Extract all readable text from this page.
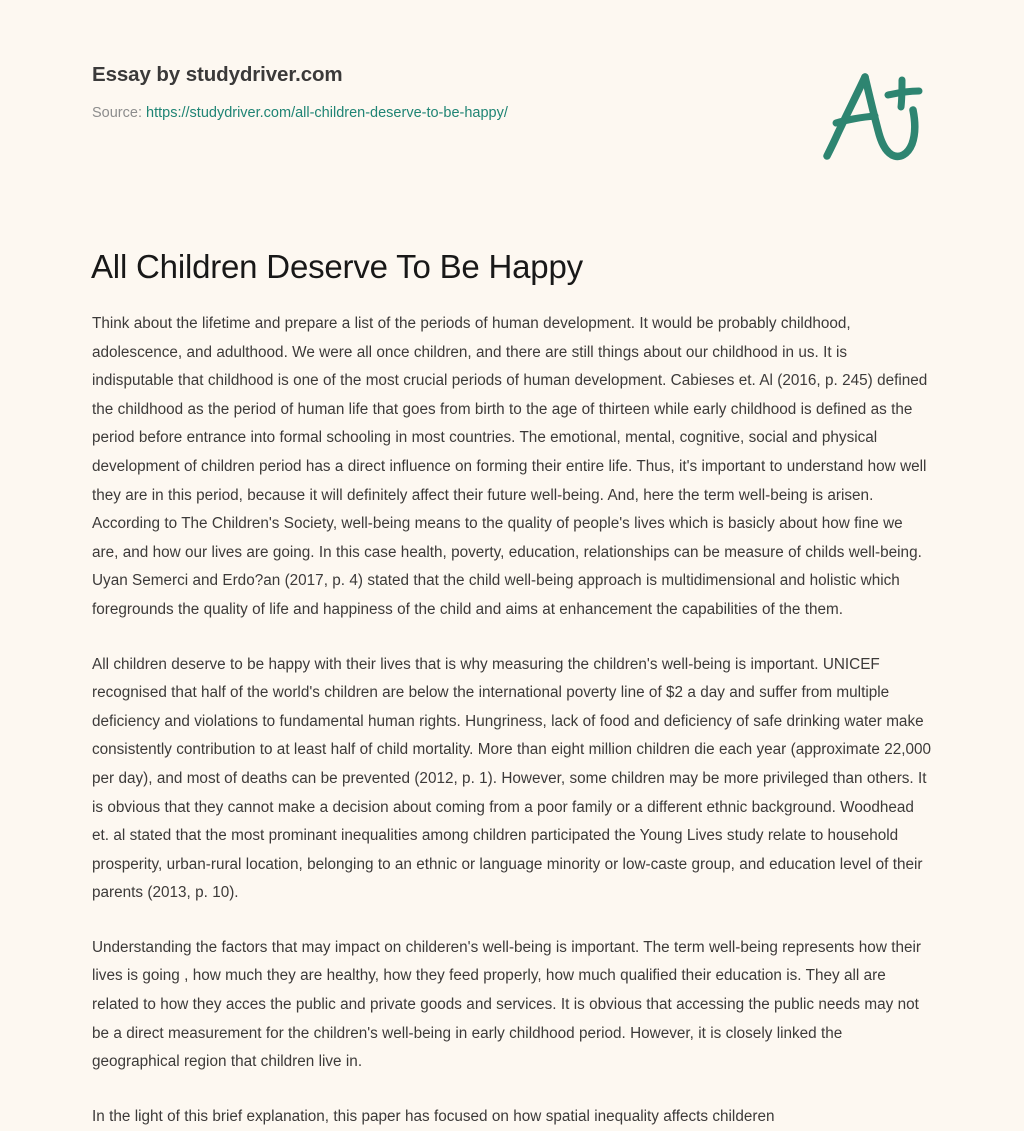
Essay by studydriver.com
Source: https://studydriver.com/all-children-deserve-to-be-happy/
All Children Deserve To Be Happy

Think about the lifetime and prepare a list of the periods of human development. It would be probably childhood, adolescence, and adulthood. We were all once children, and there are still things about our childhood in us. It is indisputable that childhood is one of the most crucial periods of human development. Cabieses et. Al (2016, p. 245) defined the childhood as the period of human life that goes from birth to the age of thirteen while early childhood is defined as the period before entrance into formal schooling in most countries. The emotional, mental, cognitive, social and physical development of children period has a direct influence on forming their entire life. Thus, it's important to understand how well they are in this period, because it will definitely affect their future well-being. And, here the term well-being is arisen. According to The Children's Society, well-being means to the quality of people's lives which is basicly about how fine we are, and how our lives are going. In this case health, poverty, education, relationships can be measure of childs well-being. Uyan Semerci and Erdo?an (2017, p. 4) stated that the child well-being approach is multidimensional and holistic which foregrounds the quality of life and happiness of the child and aims at enhancement the capabilities of the them.

All children deserve to be happy with their lives that is why measuring the children's well-being is important. UNICEF recognised that half of the world's children are below the international poverty line of $2 a day and suffer from multiple deficiency and violations to fundamental human rights. Hungriness, lack of food and deficiency of safe drinking water make consistently contribution to at least half of child mortality. More than eight million children die each year (approximate 22,000 per day), and most of deaths can be prevented (2012, p. 1). However, some children may be more privileged than others. It is obvious that they cannot make a decision about coming from a poor family or a different ethnic background. Woodhead et. al stated that the most prominant inequalities among children participated the Young Lives study relate to household prosperity, urban-rural location, belonging to an ethnic or language minority or low-caste group, and education level of their parents (2013, p. 10).

Understanding the factors that may impact on childeren's well-being is important. The term well-being represents how their lives is going , how much they are healthy, how they feed properly, how much qualified their education is. They all are related to how they acces the public and private goods and services. It is obvious that accessing the public needs may not be a direct measurement for the children's well-being in early childhood period. However, it is closely linked the geographical region that children live in.

In the light of this brief explanation, this paper has focused on how spatial inequality affects childeren
